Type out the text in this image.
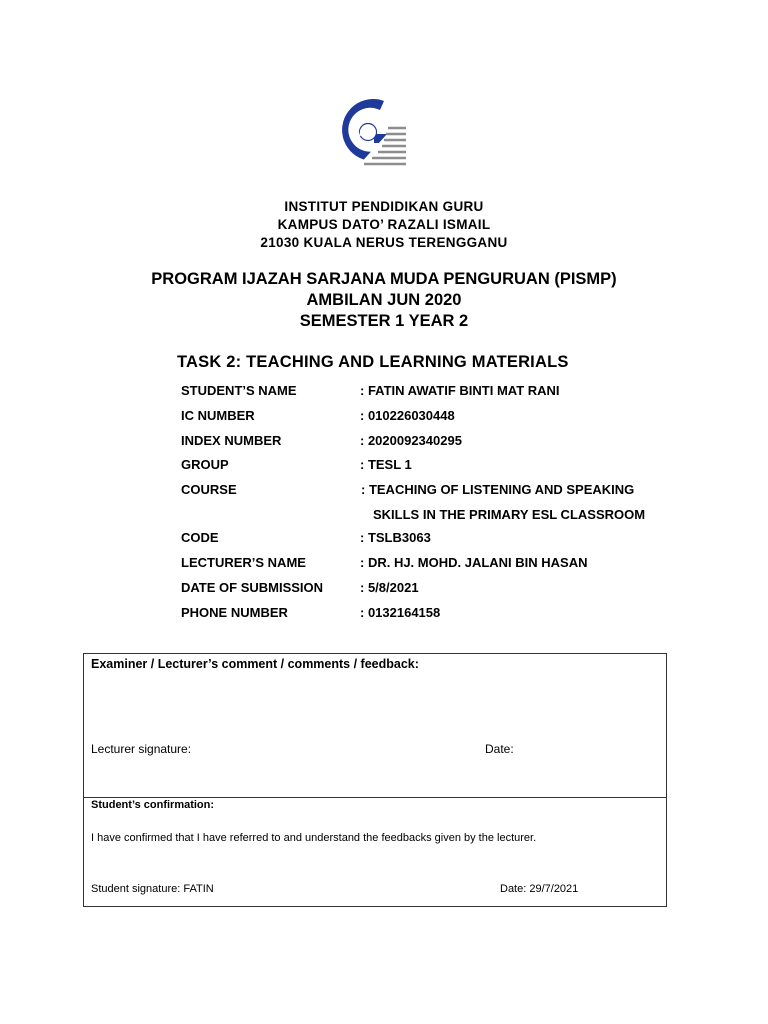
IPG
INSTITUT PENDIDIKAN GURU
KAMPUS DATO’ RAZALI ISMAIL
21030 KUALA NERUS TERENGGANU
PROGRAM IJAZAH SARJANA MUDA PENGURUAN (PISMP)
AMBILAN JUN 2020
SEMESTER 1 YEAR 2
TASK 2: TEACHING AND LEARNING MATERIALS
STUDENT’S NAME	: FATIN AWATIF BINTI MAT RANI
IC NUMBER	: 010226030448
INDEX NUMBER	: 2020092340295
GROUP	: TESL 1
COURSE	: TEACHING OF LISTENING AND SPEAKING
SKILLS IN THE PRIMARY ESL CLASSROOM
CODE	: TSLB3063
LECTURER’S NAME	: DR. HJ. MOHD. JALANI BIN HASAN
DATE OF SUBMISSION	: 5/8/2021
PHONE NUMBER	: 0132164158
Examiner / Lecturer’s comment / comments / feedback:
Lecturer signature:	Date:
Student’s confirmation:
I have confirmed that I have referred to and understand the feedbacks given by the lecturer.
Student signature: FATIN	Date: 29/7/2021
